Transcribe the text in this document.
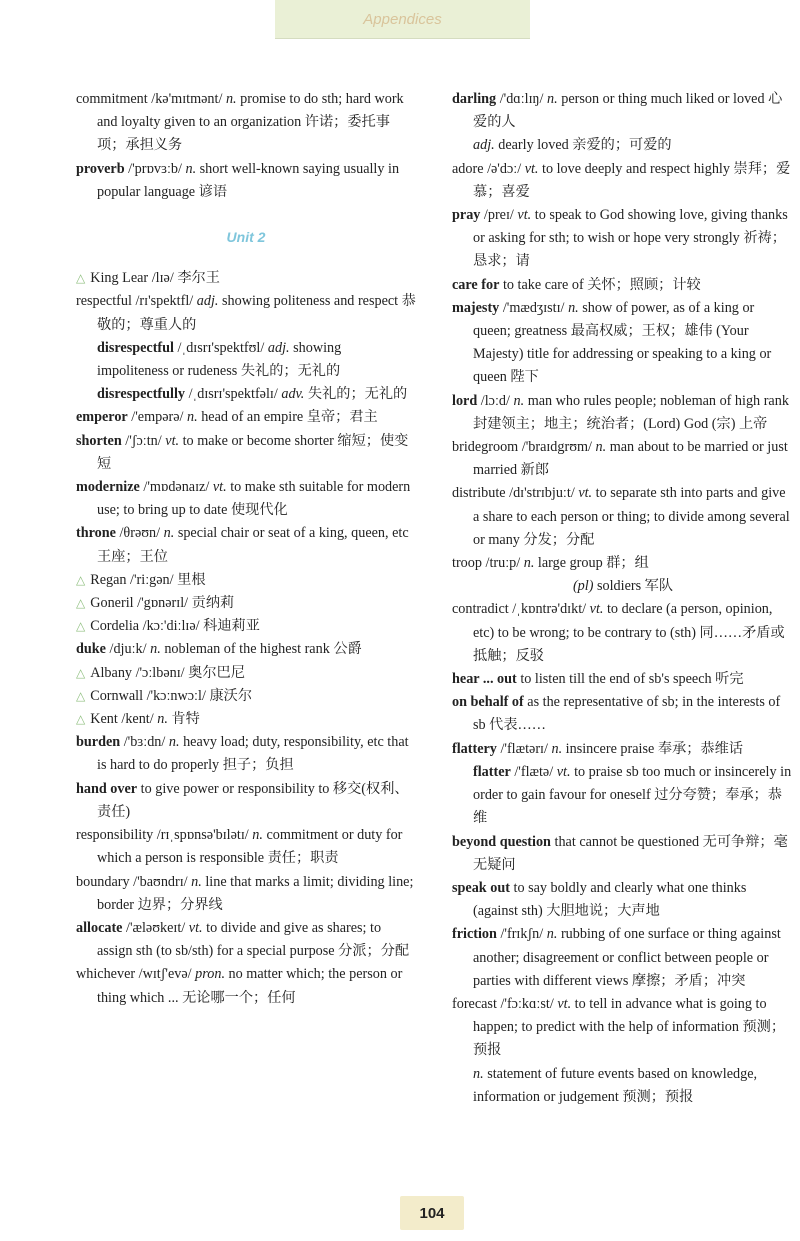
Appendices

commitment /kə'mɪtmənt/ n. promise to do sth; hard work and loyalty given to an organization 许诺；委托事项；承担义务

proverb /'prɒvɜːb/ n. short well-known saying usually in popular language 谚语

Unit 2

△ King Lear /lɪə/ 李尔王

respectful /rɪ'spektfl/ adj. showing politeness and respect 恭敬的；尊重人的

disrespectful /ˌdɪsrɪ'spektfʊl/ adj. showing impoliteness or rudeness 失礼的；无礼的

disrespectfully /ˌdɪsrɪ'spektfəlɪ/ adv. 失礼的；无礼的

emperor /'empərə/ n. head of an empire 皇帝；君主

shorten /'ʃɔːtn/ vt. to make or become shorter 缩短；使变短

modernize /'mɒdənaɪz/ vt. to make sth suitable for modern use; to bring up to date 使现代化

throne /θrəʊn/ n. special chair or seat of a king, queen, etc 王座；王位

△ Regan /'riːgən/ 里根

△ Goneril /'gɒnərɪl/ 贡纳莉

△ Cordelia /kɔː'diːlɪə/ 科迪莉亚

duke /djuːk/ n. nobleman of the highest rank 公爵

△ Albany /'ɔːlbənɪ/ 奥尔巴尼

△ Cornwall /'kɔːnwɔːl/ 康沃尔

△ Kent /kent/ n. 肯特

burden /'bɜːdn/ n. heavy load; duty, responsibility, etc that is hard to do properly 担子；负担

hand over to give power or responsibility to 移交(权利、责任)

responsibility /rɪˌspɒnsə'bɪlətɪ/ n. commitment or duty for which a person is responsible 责任；职责

boundary /'baʊndrɪ/ n. line that marks a limit; dividing line; border 边界；分界线

allocate /'æləʊkeɪt/ vt. to divide and give as shares; to assign sth (to sb/sth) for a special purpose 分派；分配

whichever /wɪtʃ'evə/ pron. no matter which; the person or thing which ... 无论哪一个；任何

darling /'dɑːlɪŋ/ n. person or thing much liked or loved 心爱的人

adj. dearly loved 亲爱的；可爱的

adore /ə'dɔː/ vt. to love deeply and respect highly 崇拜；爱慕；喜爱

pray /preɪ/ vt. to speak to God showing love, giving thanks or asking for sth; to wish or hope very strongly 祈祷；恳求；请

care for to take care of 关怀；照顾；计较

majesty /'mædʒɪstɪ/ n. show of power, as of a king or queen; greatness 最高权威；王权；雄伟 (Your Majesty) title for addressing or speaking to a king or queen 陛下

lord /lɔːd/ n. man who rules people; nobleman of high rank 封建领主；地主；统治者；(Lord) God (宗) 上帝

bridegroom /'braɪdgrʊm/ n. man about to be married or just married 新郎

distribute /dɪ'strɪbjuːt/ vt. to separate sth into parts and give a share to each person or thing; to divide among several or many 分发；分配

troop /truːp/ n. large group 群；组

(pl) soldiers 军队

contradict /ˌkɒntrə'dɪkt/ vt. to declare (a person, opinion, etc) to be wrong; to be contrary to (sth) 同……矛盾或抵触；反驳

hear ... out to listen till the end of sb's speech 听完

on behalf of as the representative of sb; in the interests of sb 代表……

flattery /'flætərɪ/ n. insincere praise 奉承；恭维话

flatter /'flætə/ vt. to praise sb too much or insincerely in order to gain favour for oneself 过分夸赞；奉承；恭维

beyond question that cannot be questioned 无可争辩；毫无疑问

speak out to say boldly and clearly what one thinks (against sth) 大胆地说；大声地

friction /'frɪkʃn/ n. rubbing of one surface or thing against another; disagreement or conflict between people or parties with different views 摩擦；矛盾；冲突

forecast /'fɔːkɑːst/ vt. to tell in advance what is going to happen; to predict with the help of information 预测；预报

n. statement of future events based on knowledge, information or judgement 预测；预报

104
